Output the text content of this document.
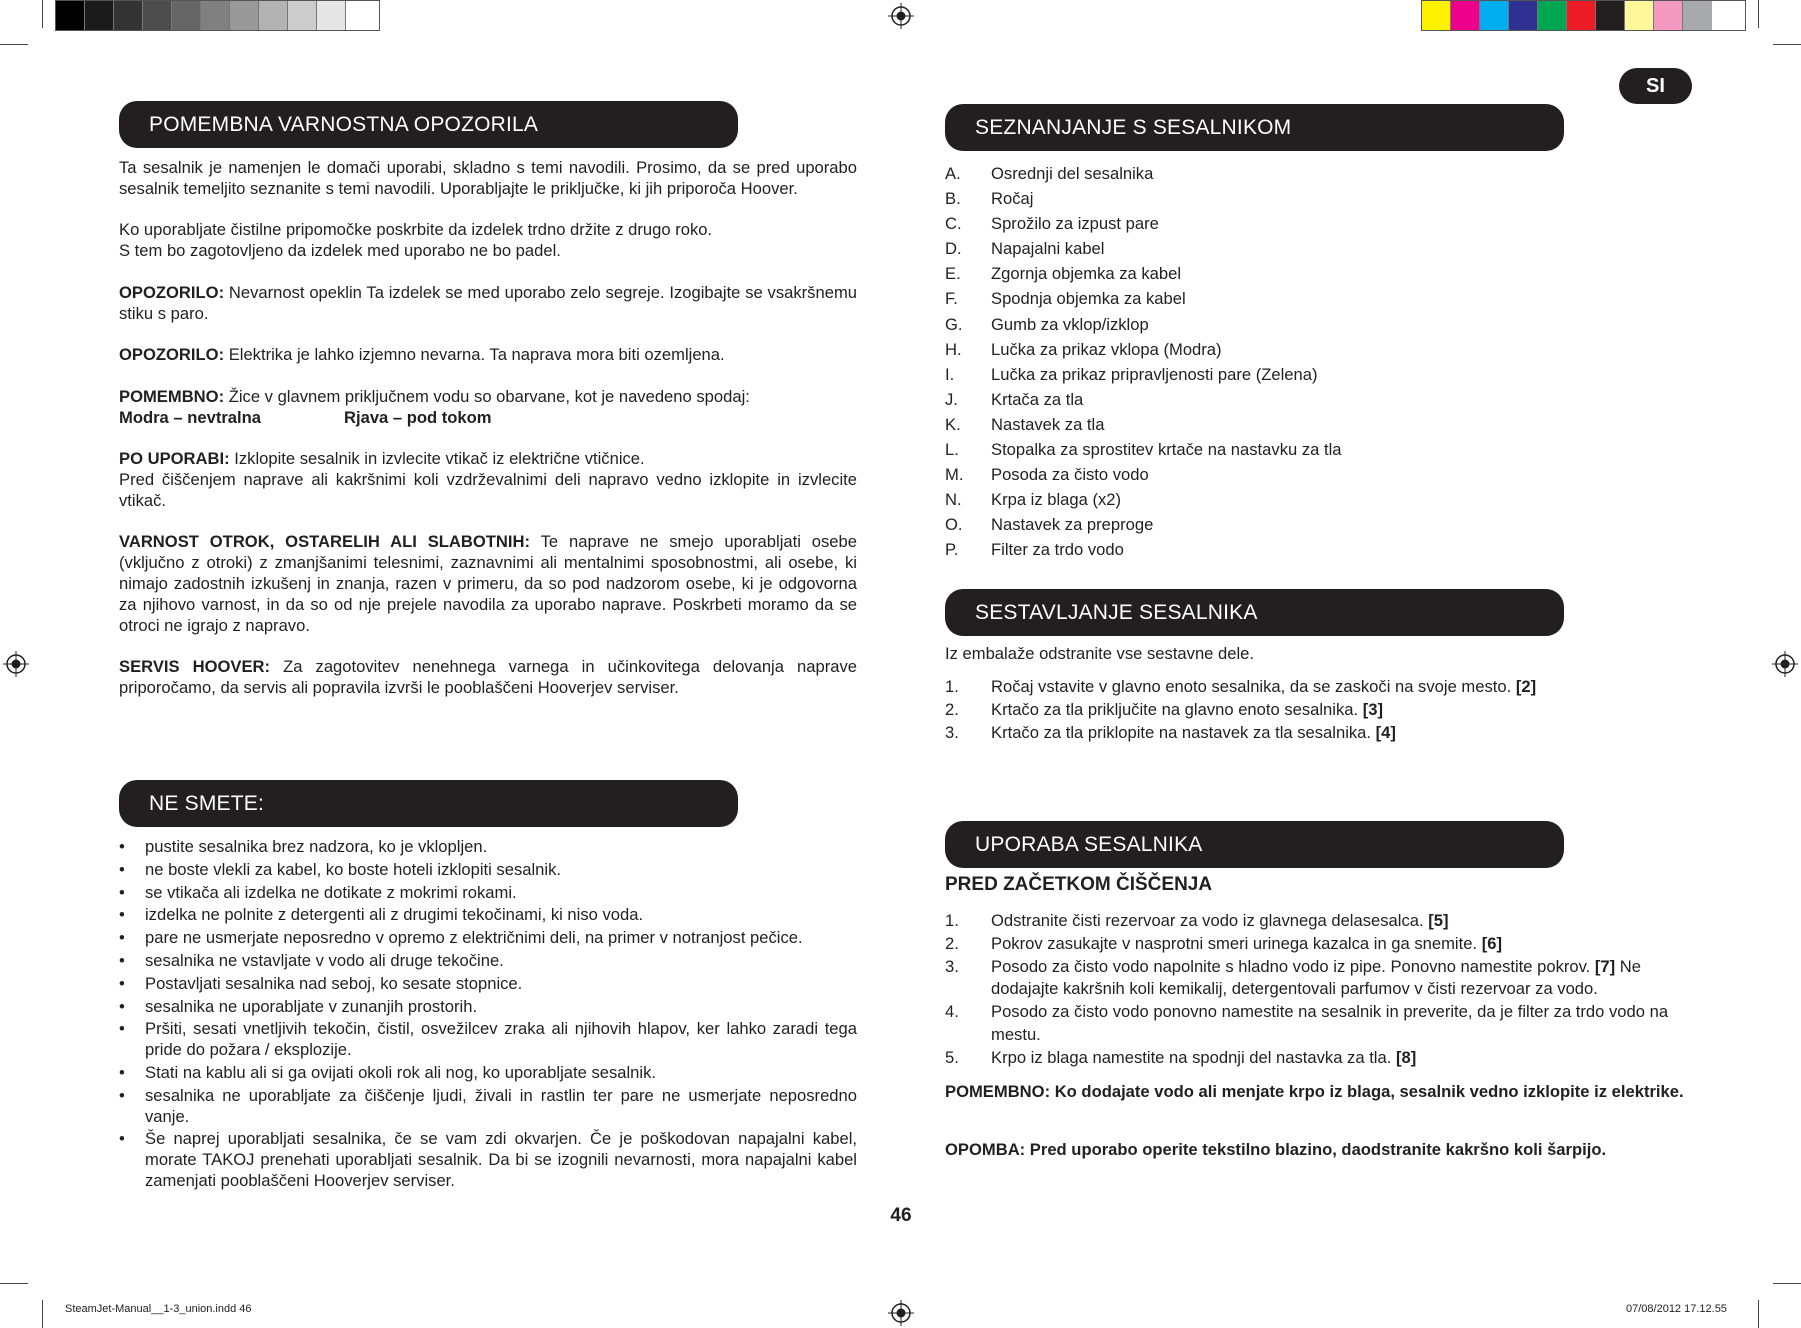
SI
POMEMBNA VARNOSTNA OPOZORILA
Ta sesalnik je namenjen le domači uporabi, skladno s temi navodili. Prosimo, da se pred uporabo sesalnik temeljito seznanite s temi navodili. Uporabljajte le priključke, ki jih priporoča Hoover.
Ko uporabljate čistilne pripomočke poskrbite da izdelek trdno držite z drugo roko.
S tem bo zagotovljeno da izdelek med uporabo ne bo padel.
OPOZORILO: Nevarnost opeklin Ta izdelek se med uporabo zelo segreje. Izogibajte se vsakršnemu stiku s paro.
OPOZORILO: Elektrika je lahko izjemno nevarna. Ta naprava mora biti ozemljena.
POMEMBNO: Žice v glavnem priključnem vodu so obarvane, kot je navedeno spodaj:
Modra – nevtralna	Rjava – pod tokom
PO UPORABI: Izklopite sesalnik in izvlecite vtikač iz električne vtičnice.
Pred čiščenjem naprave ali kakršnimi koli vzdrževalnimi deli napravo vedno izklopite in izvlecite vtikač.
VARNOST OTROK, OSTARELIH ALI SLABOTNIH: Te naprave ne smejo uporabljati osebe (vključno z otroki) z zmanjšanimi telesnimi, zaznavnimi ali mentalnimi sposobnostmi, ali osebe, ki nimajo zadostnih izkušenj in znanja, razen v primeru, da so pod nadzorom osebe, ki je odgovorna za njihovo varnost, in da so od nje prejele navodila za uporabo naprave. Poskrbeti moramo da se otroci ne igrajo z napravo.
SERVIS HOOVER: Za zagotovitev nenehnega varnega in učinkovitega delovanja naprave priporočamo, da servis ali popravila izvrši le pooblaščeni Hooverjev serviser.
NE SMETE:
• pustite sesalnika brez nadzora, ko je vklopljen.
• ne boste vlekli za kabel, ko boste hoteli izklopiti sesalnik.
• se vtikača ali izdelka ne dotikate z mokrimi rokami.
• izdelka ne polnite z detergenti ali z drugimi tekočinami, ki niso voda.
• pare ne usmerjate neposredno v opremo z električnimi deli, na primer v notranjost pečice.
• sesalnika ne vstavljate v vodo ali druge tekočine.
• Postavljati sesalnika nad seboj, ko sesate stopnice.
• sesalnika ne uporabljate v zunanjih prostorih.
• Pršiti, sesati vnetljivih tekočin, čistil, osvežilcev zraka ali njihovih hlapov, ker lahko zaradi tega pride do požara / eksplozije.
• Stati na kablu ali si ga ovijati okoli rok ali nog, ko uporabljate sesalnik.
• sesalnika ne uporabljate za čiščenje ljudi, živali in rastlin ter pare ne usmerjate neposredno vanje.
• Še naprej uporabljati sesalnika, če se vam zdi okvarjen. Če je poškodovan napajalni kabel, morate TAKOJ prenehati uporabljati sesalnik. Da bi se izognili nevarnosti, mora napajalni kabel zamenjati pooblaščeni Hooverjev serviser.
46
SEZNANJANJE S SESALNIKOM
A.	Osrednji del sesalnika
B.	Ročaj
C.	Sprožilo za izpust pare
D.	Napajalni kabel
E.	Zgornja objemka za kabel
F.	Spodnja objemka za kabel
G.	Gumb za vklop/izklop
H.	Lučka za prikaz vklopa (Modra)
I.	Lučka za prikaz pripravljenosti pare (Zelena)
J.	Krtača za tla
K.	Nastavek za tla
L.	Stopalka za sprostitev krtače na nastavku za tla
M.	Posoda za čisto vodo
N.	Krpa iz blaga (x2)
O.	Nastavek za preproge
P.	Filter za trdo vodo
SESTAVLJANJE SESALNIKA
Iz embalaže odstranite vse sestavne dele.
1.	Ročaj vstavite v glavno enoto sesalnika, da se zaskoči na svoje mesto. [2]
2.	Krtačo za tla priključite na glavno enoto sesalnika. [3]
3.	Krtačo za tla priklopite na nastavek za tla sesalnika. [4]
UPORABA SESALNIKA
PRED ZAČETKOM ČIŠČENJA
1.	Odstranite čisti rezervoar za vodo iz glavnega delasesalca. [5]
2.	Pokrov zasukajte v nasprotni smeri urinega kazalca in ga snemite. [6]
3.	Posodo za čisto vodo napolnite s hladno vodo iz pipe. Ponovno namestite pokrov. [7] Ne dodajajte kakršnih koli kemikalij, detergentovali parfumov v čisti rezervoar za vodo.
4.	Posodo za čisto vodo ponovno namestite na sesalnik in preverite, da je filter za trdo vodo na mestu.
5.	Krpo iz blaga namestite na spodnji del nastavka za tla. [8]
POMEMBNO: Ko dodajate vodo ali menjate krpo iz blaga, sesalnik vedno izklopite iz elektrike.
OPOMBA: Pred uporabo operite tekstilno blazino, daodstranite kakršno koli šarpijo.
SteamJet-Manual__1-3_union.indd 46	07/08/2012 17.12.55
